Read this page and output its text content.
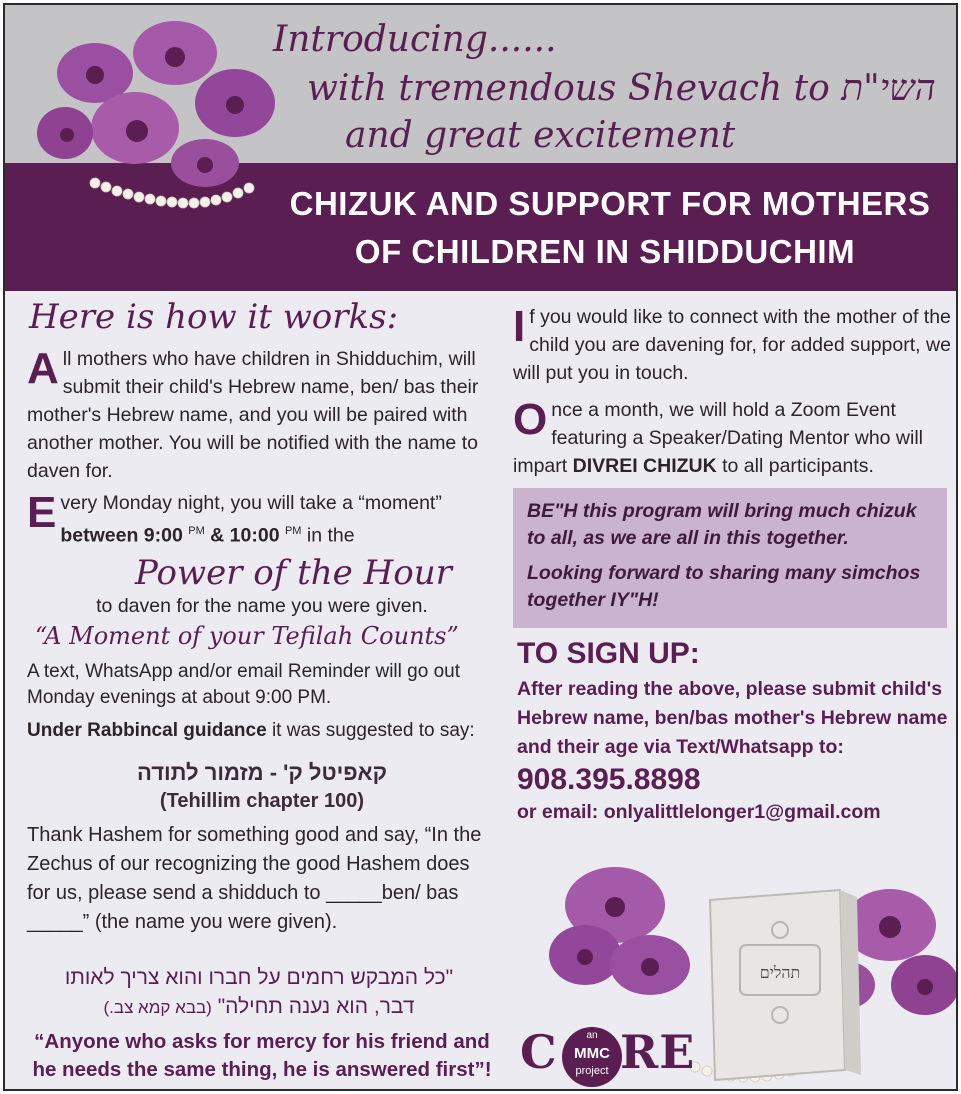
Introducing......
with tremendous Shevach to השי"ת
and great excitement
CHIZUK AND SUPPORT FOR MOTHERS
OF CHILDREN IN SHIDDUCHIM
Here is how it works:
All mothers who have children in Shidduchim, will submit their child's Hebrew name, ben/ bas their mother's Hebrew name, and you will be paired with another mother. You will be notified with the name to daven for.
Every Monday night, you will take a “moment”
between 9:00 $^{PM}$ & 10:00 $^{PM}$ in the
Power of the Hour
to daven for the name you were given.
“A Moment of your Tefilah Counts”
A text, WhatsApp and/or email Reminder will go out Monday evenings at about 9:00 PM.
Under Rabbincal guidance it was suggested to say:
קאפיטל ק' - מזמור לתודה
(Tehillim chapter 100)
Thank Hashem for something good and say, “In the Zechus of our recognizing the good Hashem does for us, please send a shidduch to _____ben/ bas _____” (the name you were given).
"כל המבקש רחמים על חברו והוא צריך לאותו
(בבא קמא צב.) דבר, הוא נענה תחילה"
“Anyone who asks for mercy for his friend and he needs the same thing, he is answered first”!
If you would like to connect with the mother of the child you are davening for, for added support, we will put you in touch.
Once a month, we will hold a Zoom Event featuring a Speaker/Dating Mentor who will impart DIVREI CHIZUK to all participants.
BE"H this program will bring much chizuk to all, as we are all in this together.
Looking forward to sharing many simchos together IY"H!
TO SIGN UP:
After reading the above, please submit child's Hebrew name, ben/bas mother's Hebrew name and their age via Text/Whatsapp to:
908.395.8898
or email: onlyalittlelonger1@gmail.com
תהלים
C	an
MMC
project RE
